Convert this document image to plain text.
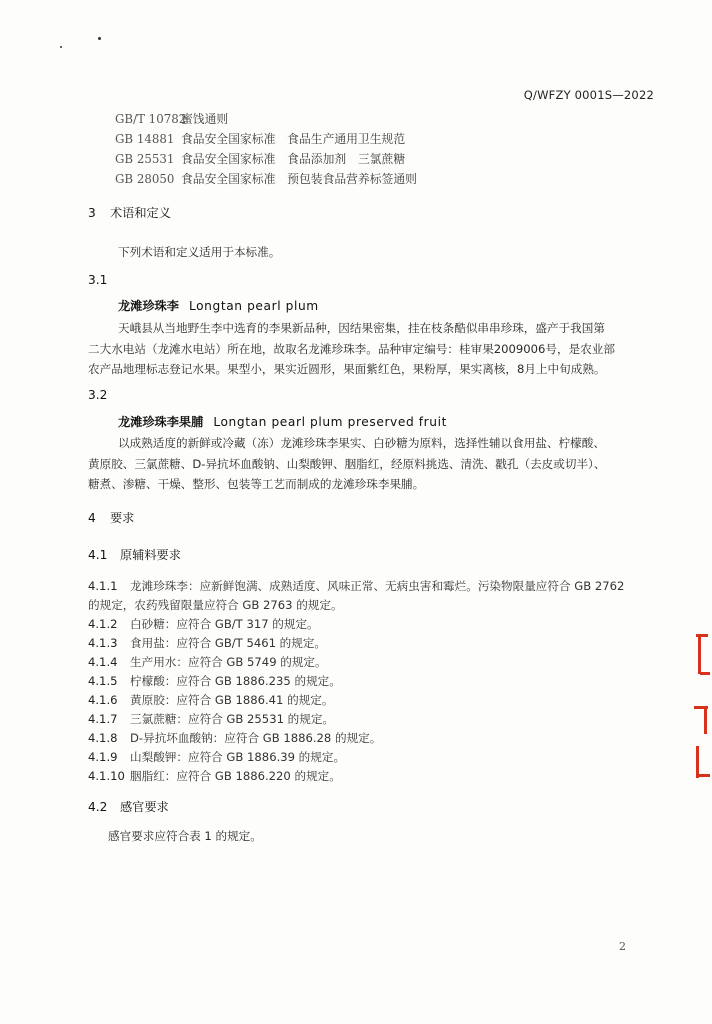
Q/WFZY 0001S—2022
GB/T 10782蜜饯通则
GB 14881 食品安全国家标准　食品生产通用卫生规范
GB 25531 食品安全国家标准　食品添加剂　三氯蔗糖
GB 28050 食品安全国家标准　预包装食品营养标签通则
3 术语和定义
下列术语和定义适用于本标准。
3.1
龙滩珍珠李 Longtan pearl plum
天峨县从当地野生李中选育的李果新品种，因结果密集，挂在枝条酷似串串珍珠，盛产于我国第
二大水电站（龙滩水电站）所在地，故取名龙滩珍珠李。品种审定编号：桂审果2009006号，是农业部
农产品地理标志登记水果。果型小，果实近圆形，果面紫红色，果粉厚，果实离核，8月上中旬成熟。
3.2
龙滩珍珠李果脯 Longtan pearl plum preserved fruit
以成熟适度的新鲜或冷藏（冻）龙滩珍珠李果实、白砂糖为原料，选择性辅以食用盐、柠檬酸、
黄原胶、三氯蔗糖、D-异抗坏血酸钠、山梨酸钾、胭脂红，经原料挑选、清洗、戳孔（去皮或切半）、
糖煮、渗糖、干燥、整形、包装等工艺而制成的龙滩珍珠李果脯。
4 要求
4.1 原辅料要求
4.1.1 龙滩珍珠李：应新鲜饱满、成熟适度、风味正常、无病虫害和霉烂。污染物限量应符合 GB 2762
的规定，农药残留限量应符合 GB 2763 的规定。
4.1.2 白砂糖：应符合 GB/T 317 的规定。
4.1.3 食用盐：应符合 GB/T 5461 的规定。
4.1.4 生产用水：应符合 GB 5749 的规定。
4.1.5 柠檬酸：应符合 GB 1886.235 的规定。
4.1.6 黄原胶：应符合 GB 1886.41 的规定。
4.1.7 三氯蔗糖：应符合 GB 25531 的规定。
4.1.8 D-异抗坏血酸钠：应符合 GB 1886.28 的规定。
4.1.9 山梨酸钾：应符合 GB 1886.39 的规定。
4.1.10 胭脂红：应符合 GB 1886.220 的规定。
4.2 感官要求
感官要求应符合表 1 的规定。
2
